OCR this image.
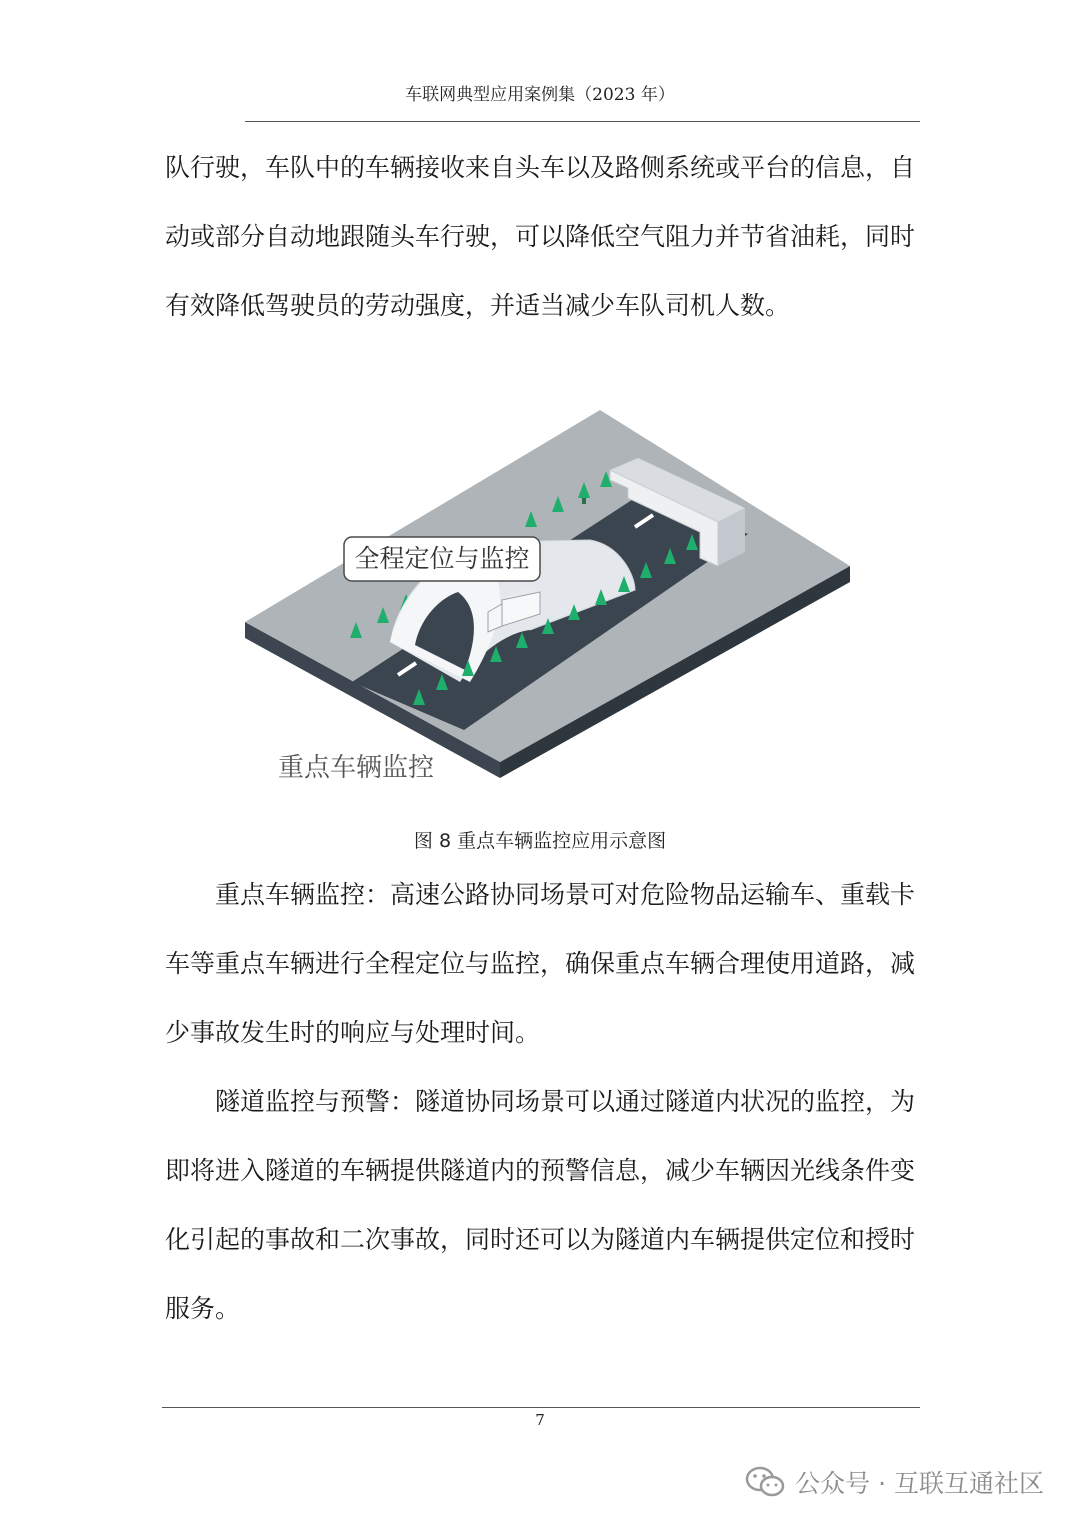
车联网典型应用案例集（2023 年）
队行驶，车队中的车辆接收来自头车以及路侧系统或平台的信息，自
动或部分自动地跟随头车行驶，可以降低空气阻力并节省油耗，同时
有效降低驾驶员的劳动强度，并适当减少车队司机人数。
全程定位与监控
重点车辆监控
图 8 重点车辆监控应用示意图
重点车辆监控：高速公路协同场景可对危险物品运输车、重载卡
车等重点车辆进行全程定位与监控，确保重点车辆合理使用道路，减
少事故发生时的响应与处理时间。
隧道监控与预警：隧道协同场景可以通过隧道内状况的监控，为
即将进入隧道的车辆提供隧道内的预警信息，减少车辆因光线条件变
化引起的事故和二次事故，同时还可以为隧道内车辆提供定位和授时
服务。
7
公众号 · 互联互通社区
